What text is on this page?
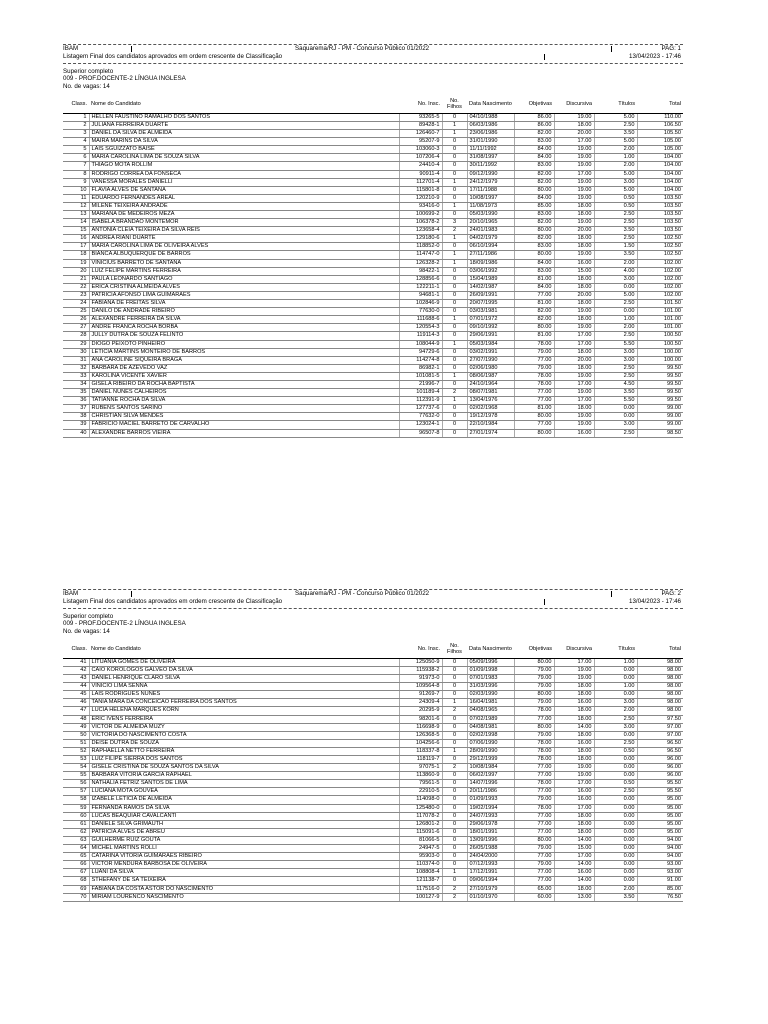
IBAM
Listagem Final dos candidatos aprovados em ordem crescente de Classificação
Saquarema/RJ - PM - Concurso Público 01/2022	PAG: 1
13/04/2023 - 17:46
Superior completo
009 - PROF.DOCENTE-2 LÍNGUA INGLESA
No. de vagas: 14
Class.	Nome do Candidato	No. Insc.	No. Filhos	Data Nascimento	Objetivas	Discursiva	Títulos	Total
1	HELLEN FAUSTINO RAMALHO DOS SANTOS	93265-5	0	04/10/1988	86.00	19.00	5.00	110.00
2	JULIANA FERREIRA DUARTE	89428-1	1	06/03/1986	86.00	18.00	2.50	106.50
3	DANIEL DA SILVA DE ALMEIDA	126460-7	1	23/06/1986	82.00	20.00	3.50	105.50
4	MAIRA MARINS DA SILVA	95207-9	0	31/01/1990	83.00	17.00	5.00	105.00
5	LAIS SGUIZZATO BAISE	103060-3	0	11/11/1992	84.00	19.00	2.00	105.00
6	MARIA CAROLINA LIMA DE SOUZA SILVA	107206-4	0	31/08/1997	84.00	19.00	1.00	104.00
7	THIAGO MOTA ROLLIM	24410-4	0	30/11/1992	83.00	19.00	2.00	104.00
8	RODRIGO CORREA DA FONSECA	90911-4	0	09/12/1990	82.00	17.00	5.00	104.00
9	VANESSA MORALES DANIELLI	112701-4	1	24/12/1979	82.00	19.00	3.00	104.00
10	FLAVIA ALVES DE SANTANA	115801-8	0	17/11/1988	80.00	19.00	5.00	104.00
11	EDUARDO FERNANDES AREAL	120210-9	0	10/08/1997	84.00	19.00	0.50	103.50
12	MILENE TEIXEIRA ANDRADE	93416-0	1	11/08/1973	85.00	18.00	0.50	103.50
13	MARIANA DE MEDEIROS MEZA	100699-2	0	05/03/1990	83.00	18.00	2.50	103.50
14	ISABELA BRANDAO MONTEMOR	106378-2	3	20/10/1965	82.00	19.00	2.50	103.50
15	ANTONIA CLEIA TEIXEIRA DA SILVA REIS	123658-4	2	24/01/1983	80.00	20.00	3.50	103.50
16	ANDREA RIANI DUARTE	129180-6	1	04/02/1979	82.00	18.00	2.50	102.50
17	MARIA CAROLINA LIMA DE OLIVEIRA ALVES	118852-0	0	06/10/1994	83.00	18.00	1.50	102.50
18	BIANCA ALBUQUERQUE DE BARROS	114747-0	1	27/11/1986	80.00	19.00	3.50	102.50
19	VINICIUS BARRETO DE SANTANA	126328-2	1	18/09/1986	84.00	16.00	2.00	102.00
20	LUIZ FELIPE MARTINS FERREIRA	98422-1	0	03/06/1992	83.00	15.00	4.00	102.00
21	PAULA LEONARDO SANTIAGO	128856-6	0	15/04/1989	81.00	18.00	3.00	102.00
22	ERICA CRISTINA ALMEIDA ALVES	122211-1	0	14/02/1987	84.00	18.00	0.00	102.00
23	PATRICIA AFONSO LIMA GUIMARAES	94681-1	0	26/09/1991	77.00	20.00	5.00	102.00
24	FABIANA DE FREITAS SILVA	102846-9	0	20/07/1995	81.00	18.00	2.50	101.50
25	DANILO DE ANDRADE RIBEIRO	77630-0	0	03/03/1981	82.00	19.00	0.00	101.00
26	ALEXANDRE FERREIRA DA SILVA	111688-6	1	07/01/1972	82.00	18.00	1.00	101.00
27	ANDRE FRANCA ROCHA BORBA	120554-3	0	09/10/1992	80.00	19.00	2.00	101.00
28	JULLY DUTRA DE SOUZA FELINTO	119114-3	0	29/06/1991	81.00	17.00	2.50	100.50
29	DIOGO PEIXOTO PINHEIRO	108044-9	1	05/03/1984	78.00	17.00	5.50	100.50
30	LETICIA MARTINS MONTEIRO DE BARROS	94729-6	0	03/02/1991	79.00	18.00	3.00	100.00
31	ANA CAROLINE SIQUEIRA BRAGA	114274-8	0	27/07/1990	77.00	20.00	3.00	100.00
32	BARBARA DE AZEVEDO VAZ	86982-1	0	02/06/1980	79.00	18.00	2.50	99.50
33	KAROLINA VICENTE XAVIER	101081-5	1	08/06/1987	78.00	19.00	2.50	99.50
34	GISELA RIBEIRO DA ROCHA BAPTISTA	21996-7	0	24/10/1964	78.00	17.00	4.50	99.50
35	DANIEL NUNES CALHEIROS	101189-4	2	08/07/1981	77.00	19.00	3.50	99.50
36	TATIANNE ROCHA DA SILVA	112391-9	1	13/04/1976	77.00	17.00	5.50	99.50
37	RUBENS SANTOS SARINO	127737-6	0	02/02/1968	81.00	18.00	0.00	99.00
38	CHRISTIAN SILVA MENDES	77632-0	0	19/12/1978	80.00	19.00	0.00	99.00
39	FABRICIO MACIEL BARRETO DE CARVALHO	123024-1	0	22/10/1984	77.00	19.00	3.00	99.00
40	ALEXANDRE BARROS VIEIRA	96507-8	0	27/01/1974	80.00	16.00	2.50	98.50
IBAM
Listagem Final dos candidatos aprovados em ordem crescente de Classificação
Saquarema/RJ - PM - Concurso Público 01/2022	PAG: 2
13/04/2023 - 17:46
Superior completo
009 - PROF.DOCENTE-2 LÍNGUA INGLESA
No. de vagas: 14
Class.	Nome do Candidato	No. Insc.	No. Filhos	Data Nascimento	Objetivas	Discursiva	Títulos	Total
41	LITUANIA GOMES DE OLIVEIRA	125050-9	0	05/09/1996	80.00	17.00	1.00	98.00
42	CAIO KOROLOGOS GALVEO DA SILVA	115938-2	0	01/09/1998	79.00	19.00	0.00	98.00
43	DANIEL HENRIQUE CLARO SILVA	91973-0	0	07/01/1983	79.00	19.00	0.00	98.00
44	VINICIO LIMA SENNA	109564-8	0	31/03/1996	79.00	18.00	1.00	98.00
45	LAIS RODRIGUES NUNES	91269-7	0	02/03/1990	80.00	18.00	0.00	98.00
46	TANIA MARA DA CONCEICAO FERREIRA DOS SANTOS	24309-4	1	16/04/1981	79.00	16.00	3.00	98.00
47	LUCIA HELENA MARQUES KORN	20295-9	2	04/08/1965	78.00	18.00	2.00	98.00
48	ERIC IVENS FERREIRA	98201-6	0	07/02/1989	77.00	18.00	2.50	97.50
49	VICTOR DE ALMEIDA MUZY	116698-9	0	04/08/1981	80.00	14.00	3.00	97.00
50	VICTORIA DO NASCIMENTO COSTA	126368-5	0	02/02/1998	79.00	18.00	0.00	97.00
51	DEISE DUTRA DE SOUZA	104256-6	0	07/06/1990	78.00	16.00	2.50	96.50
52	RAPHAELLA NETTO FERREIRA	118337-8	1	28/09/1990	78.00	18.00	0.50	96.50
53	LUIZ FILIPE SIERRA DOS SANTOS	118119-7	0	29/12/1999	78.00	18.00	0.00	96.00
54	GISELE CRISTINA DE SOUZA SANTOS DA SILVA	97075-1	2	10/08/1984	77.00	19.00	0.00	96.00
55	BARBARA VITORIA GARCIA RAPHAEL	113860-9	0	06/02/1997	77.00	19.00	0.00	96.00
56	NATHALIA FETRIZ SANTOS DE LIMA	79561-5	0	14/07/1996	78.00	17.00	0.50	95.50
57	LUCIANA MOTA GOUVEA	22910-5	0	20/11/1986	77.00	16.00	2.50	95.50
58	IZABELE LETICIA DE ALMEIDA	114098-0	0	01/09/1993	79.00	16.00	0.00	95.00
59	FERNANDA RAMOS DA SILVA	125480-0	0	19/02/1994	78.00	17.00	0.00	95.00
60	LUCAS BEAQUIAR CAVALCANTI	117078-2	0	24/07/1993	77.00	18.00	0.00	95.00
61	DANIELE SILVA GRIMAUTH	126801-2	0	29/06/1978	77.00	18.00	0.00	95.00
62	PATRICIA ALVES DE ABREU	115091-6	0	18/01/1991	77.00	18.00	0.00	95.00
63	GUILHERME RUIZ GOUTA	81066-5	0	13/09/1996	80.00	14.00	0.00	94.00
64	MICHEL MARTINS ROLLI	24947-5	0	26/05/1988	79.00	15.00	0.00	94.00
65	CATARINA VITORIA GUIMARAES RIBEIRO	95903-0	0	24/04/2000	77.00	17.00	0.00	94.00
66	VICTOR MENDURA BARBOSA DE OLIVEIRA	110374-0	0	07/12/1993	79.00	14.00	0.00	93.00
67	LUANI DA SILVA	108808-4	1	17/12/1991	77.00	16.00	0.00	93.00
68	STHEFANY DE SA TEIXEIRA	121138-7	0	09/06/1994	77.00	14.00	0.00	91.00
69	FABIANA DA COSTA ASTOR DO NASCIMENTO	117516-0	2	27/10/1979	65.00	18.00	2.00	85.00
70	MIRIAM LOURENCO NASCIMENTO	100127-9	2	01/10/1970	60.00	13.00	3.50	76.50
